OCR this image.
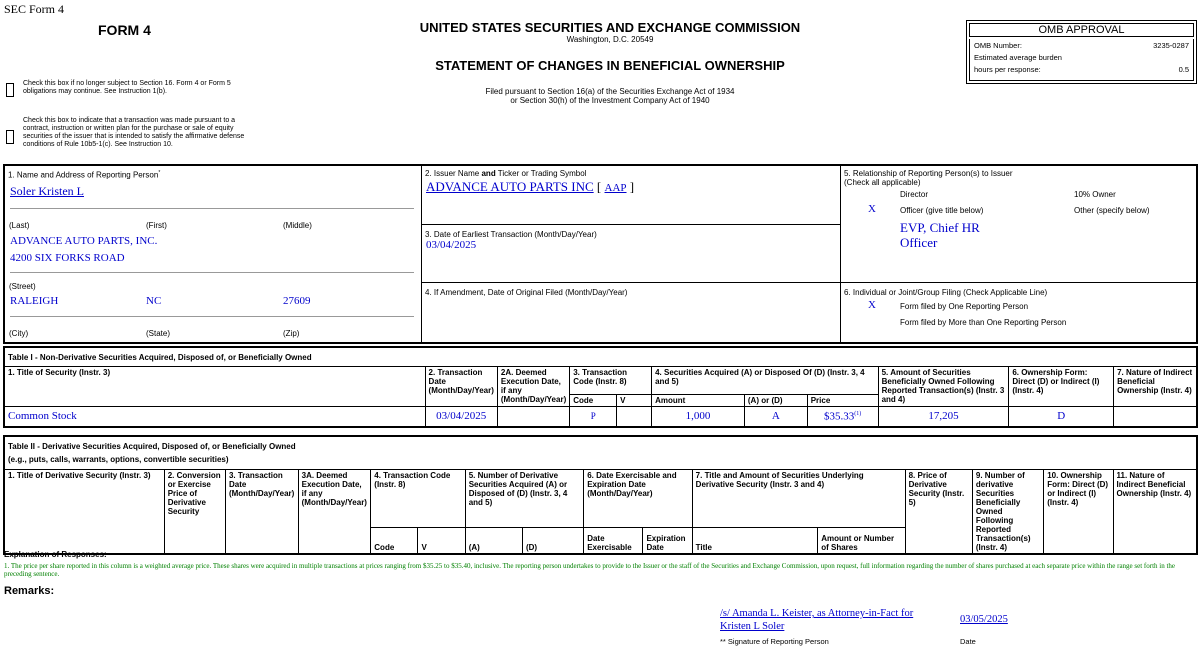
SEC Form 4
FORM 4	UNITED STATES SECURITIES AND EXCHANGE COMMISSION
Washington, D.C. 20549
STATEMENT OF CHANGES IN BENEFICIAL OWNERSHIP
Filed pursuant to Section 16(a) of the Securities Exchange Act of 1934
or Section 30(h) of the Investment Company Act of 1940
OMB APPROVAL
OMB Number:	3235-0287
Estimated average burden
hours per response:	0.5
Check this box if no longer subject to Section 16. Form 4 or Form 5 obligations may continue. See Instruction 1(b).
Check this box to indicate that a transaction was made pursuant to a contract, instruction or written plan for the purchase or sale of equity securities of the issuer that is intended to satisfy the affirmative defense conditions of Rule 10b5-1(c). See Instruction 10.
1. Name and Address of Reporting Person*
Soler Kristen L
(Last)	(First)	(Middle)
ADVANCE AUTO PARTS, INC.
4200 SIX FORKS ROAD
(Street)
RALEIGH	NC	27609
(City)	(State)	(Zip)
2. Issuer Name and Ticker or Trading Symbol
ADVANCE AUTO PARTS INC [ AAP ]
3. Date of Earliest Transaction (Month/Day/Year)
03/04/2025
4. If Amendment, Date of Original Filed (Month/Day/Year)
5. Relationship of Reporting Person(s) to Issuer
(Check all applicable)
Director	10% Owner
X	Officer (give title below)	Other (specify below)
EVP, Chief HR
Officer
6. Individual or Joint/Group Filing (Check Applicable Line)
X	Form filed by One Reporting Person
Form filed by More than One Reporting Person
Table I - Non-Derivative Securities Acquired, Disposed of, or Beneficially Owned										
1. Title of Security (Instr. 3)	2. Transaction Date (Month/Day/Year)	2A. Deemed Execution Date, if any (Month/Day/Year)	3. Transaction Code (Instr. 8)		4. Securities Acquired (A) or Disposed Of (D) (Instr. 3, 4 and 5)			5. Amount of Securities Beneficially Owned Following Reported Transaction(s) (Instr. 3 and 4)	6. Ownership Form: Direct (D) or Indirect (I) (Instr. 4)	7. Nature of Indirect Beneficial Ownership (Instr. 4)
			Code	V	Amount	(A) or (D)	Price			
Common Stock	03/04/2025		P		1,000	A	$35.33$^{(1)}$	17,205	D	
Table II - Derivative Securities Acquired, Disposed of, or Beneficially Owned
(e.g., puts, calls, warrants, options, convertible securities)															

1. Title of Derivative Security (Instr. 3)	2. Conversion or Exercise Price of Derivative Security	3. Transaction Date (Month/Day/Year)	3A. Deemed Execution Date, if any (Month/Day/Year)	4. Transaction Code (Instr. 8)		5. Number of Derivative Securities Acquired (A) or Disposed of (D) (Instr. 3, 4 and 5)		6. Date Exercisable and Expiration Date (Month/Day/Year)		7. Title and Amount of Securities Underlying Derivative Security (Instr. 3 and 4)		8. Price of Derivative Security (Instr. 5)	9. Number of derivative Securities Beneficially Owned Following Reported Transaction(s) (Instr. 4)	10. Ownership Form: Direct (D) or Indirect (I) (Instr. 4)	11. Nature of Indirect Beneficial Ownership (Instr. 4)
				Code	V	(A)	(D)	Date Exercisable	Expiration Date	Title	Amount or Number of Shares				
Explanation of Responses:
1. The price per share reported in this column is a weighted average price. These shares were acquired in multiple transactions at prices ranging from $35.25 to $35.40, inclusive. The reporting person undertakes to provide to the Issuer or the staff of the Securities and Exchange Commission, upon request, full information regarding the number of shares purchased at each separate price within the range set forth in the preceding sentence.
Remarks:
/s/ Amanda L. Keister, as Attorney-in-Fact for Kristen L Soler
** Signature of Reporting Person
03/05/2025
Date
